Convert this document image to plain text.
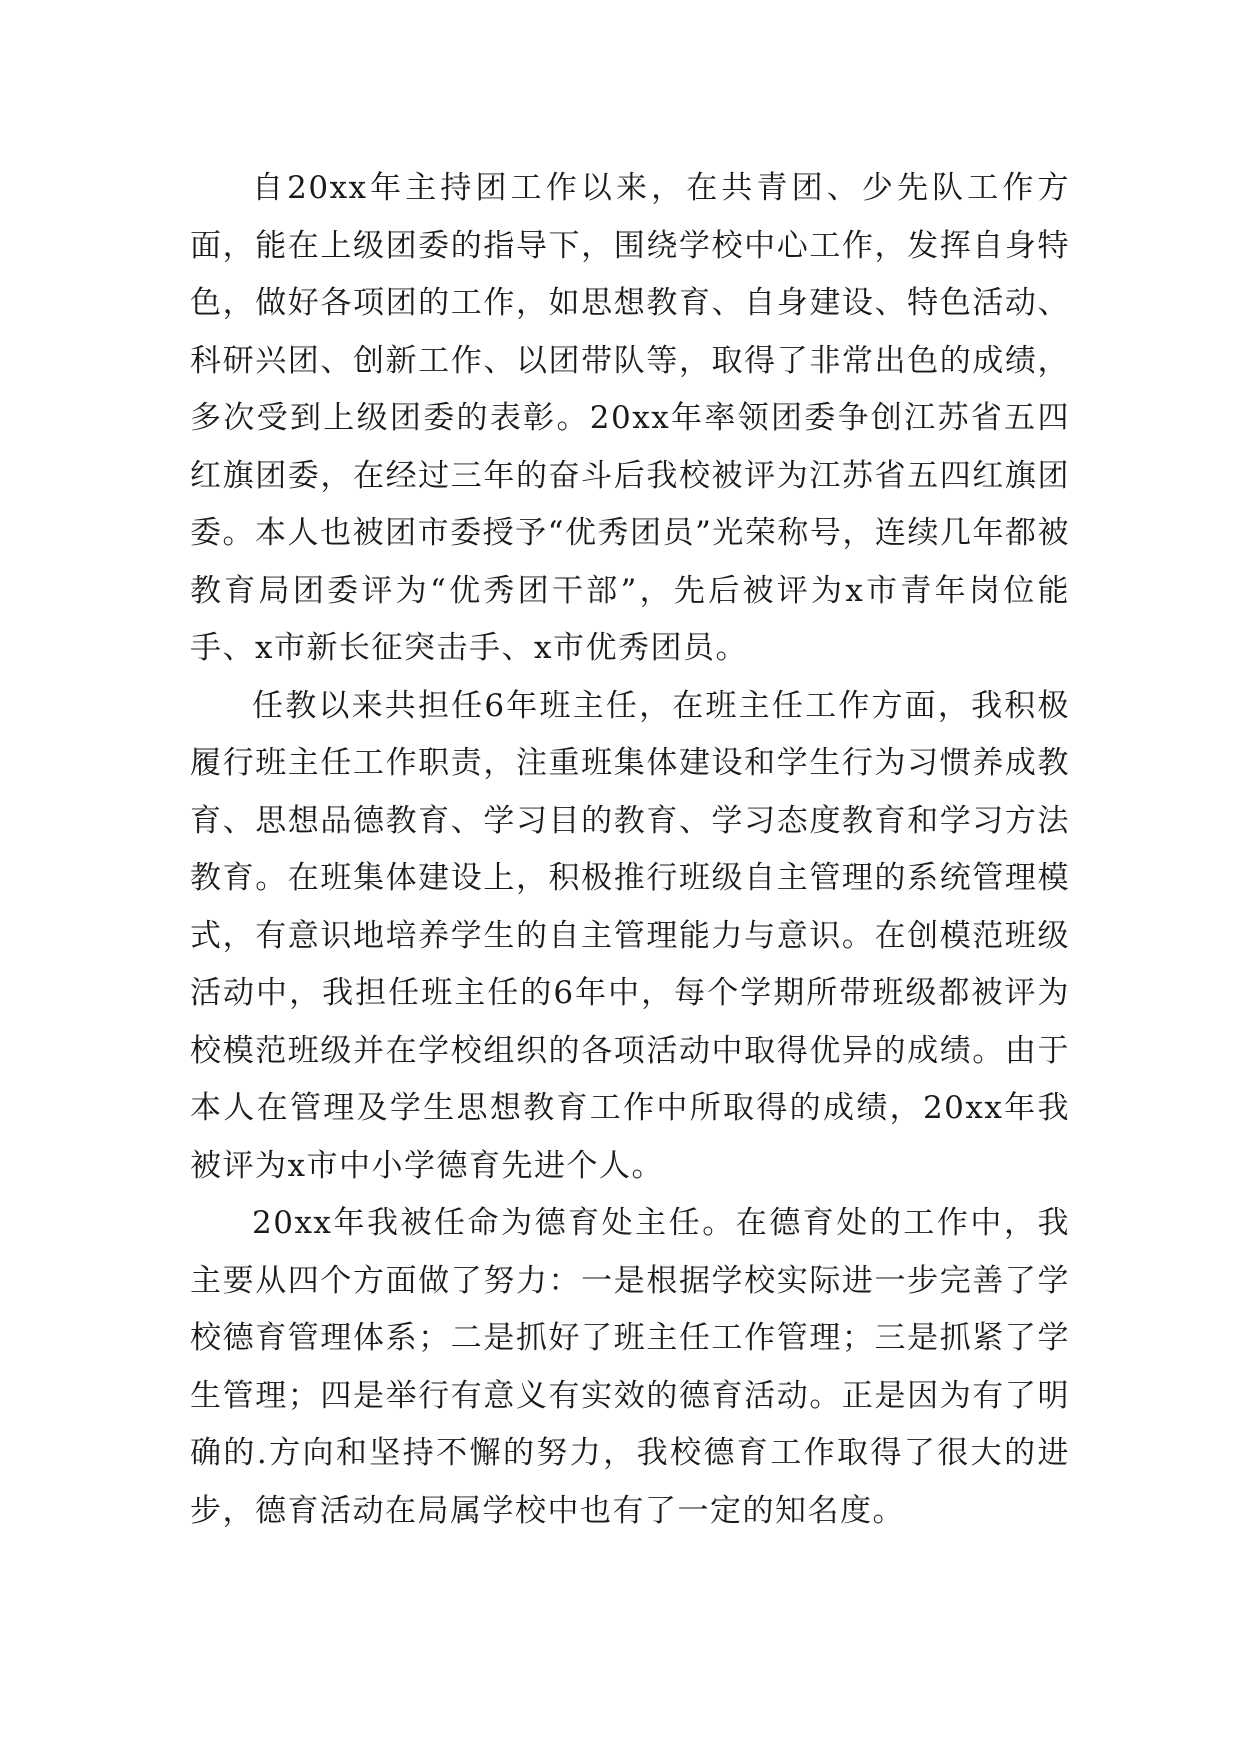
自20xx年主持团工作以来，在共青团、少先队工作方面，能在上级团委的指导下，围绕学校中心工作，发挥自身特色，做好各项团的工作，如思想教育、自身建设、特色活动、科研兴团、创新工作、以团带队等，取得了非常出色的成绩，多次受到上级团委的表彰。20xx年率领团委争创江苏省五四红旗团委，在经过三年的奋斗后我校被评为江苏省五四红旗团委。本人也被团市委授予“优秀团员”光荣称号，连续几年都被教育局团委评为“优秀团干部”，先后被评为x市青年岗位能手、x市新长征突击手、x市优秀团员。

任教以来共担任6年班主任，在班主任工作方面，我积极履行班主任工作职责，注重班集体建设和学生行为习惯养成教育、思想品德教育、学习目的教育、学习态度教育和学习方法教育。在班集体建设上，积极推行班级自主管理的系统管理模式，有意识地培养学生的自主管理能力与意识。在创模范班级活动中，我担任班主任的6年中，每个学期所带班级都被评为校模范班级并在学校组织的各项活动中取得优异的成绩。由于本人在管理及学生思想教育工作中所取得的成绩，20xx年我被评为x市中小学德育先进个人。

20xx年我被任命为德育处主任。在德育处的工作中，我主要从四个方面做了努力：一是根据学校实际进一步完善了学校德育管理体系；二是抓好了班主任工作管理；三是抓紧了学生管理；四是举行有意义有实效的德育活动。正是因为有了明确的.方向和坚持不懈的努力，我校德育工作取得了很大的进步，德育活动在局属学校中也有了一定的知名度。
